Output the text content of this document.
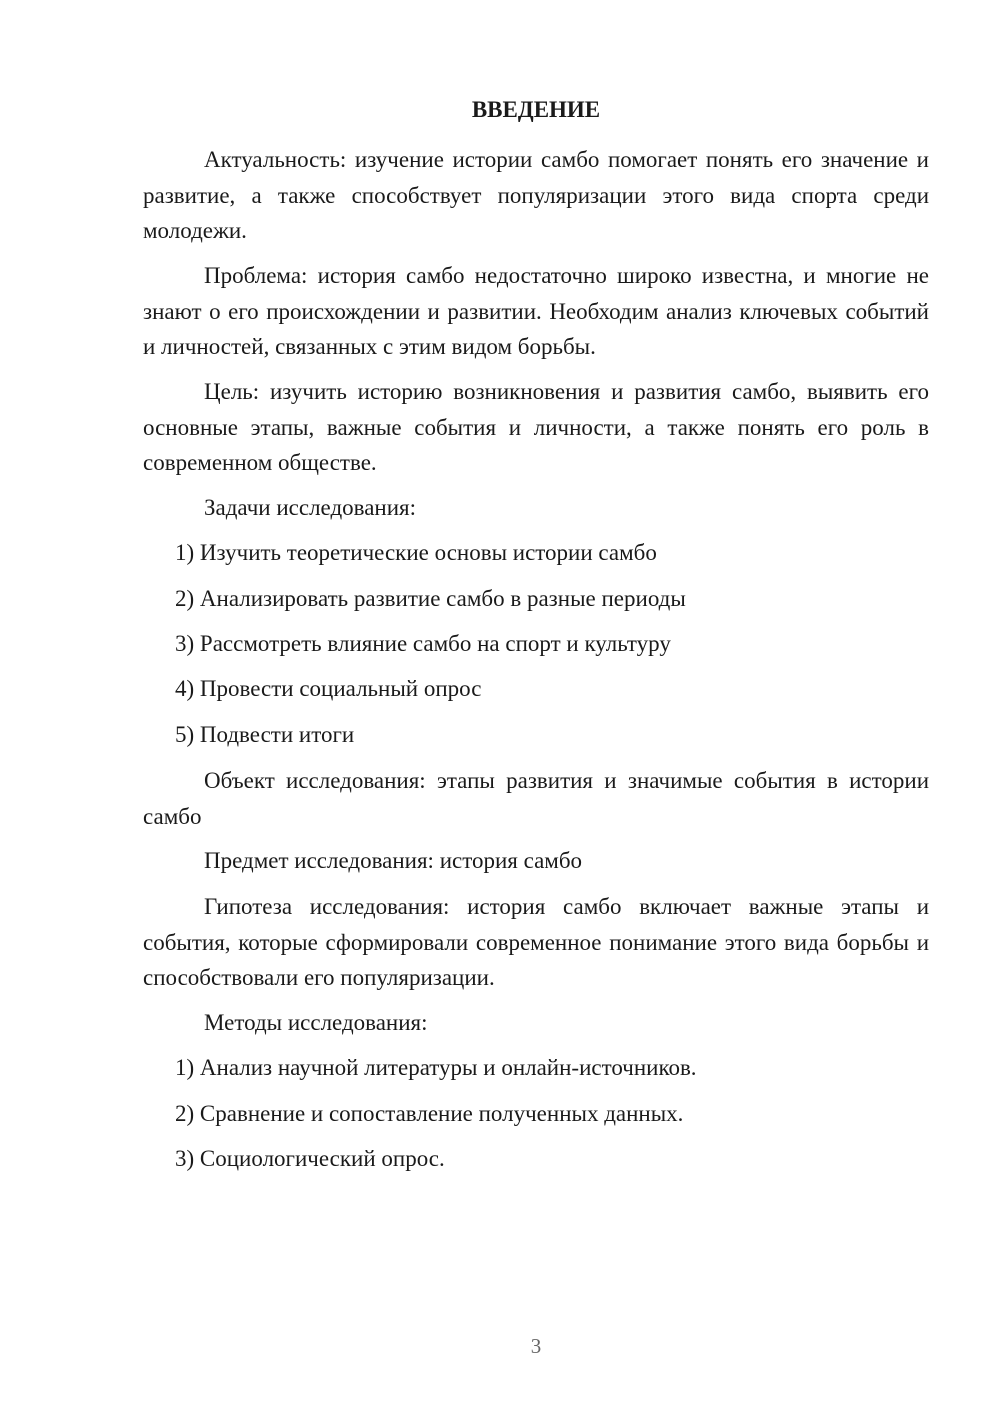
ВВЕДЕНИЕ

Актуальность: изучение истории самбо помогает понять его значение и развитие, а также способствует популяризации этого вида спорта среди молодежи.

Проблема: история самбо недостаточно широко известна, и многие не знают о его происхождении и развитии. Необходим анализ ключевых событий и личностей, связанных с этим видом борьбы.

Цель: изучить историю возникновения и развития самбо, выявить его основные этапы, важные события и личности, а также понять его роль в современном обществе.

Задачи исследования:

1) Изучить теоретические основы истории самбо

2) Анализировать развитие самбо в разные периоды

3) Рассмотреть влияние самбо на спорт и культуру

4) Провести социальный опрос

5) Подвести итоги

Объект исследования: этапы развития и значимые события в истории самбо

Предмет исследования: история самбо

Гипотеза исследования: история самбо включает важные этапы и события, которые сформировали современное понимание этого вида борьбы и способствовали его популяризации.

Методы исследования:

1) Анализ научной литературы и онлайн-источников.

2) Сравнение и сопоставление полученных данных.

3) Социологический опрос.

3
